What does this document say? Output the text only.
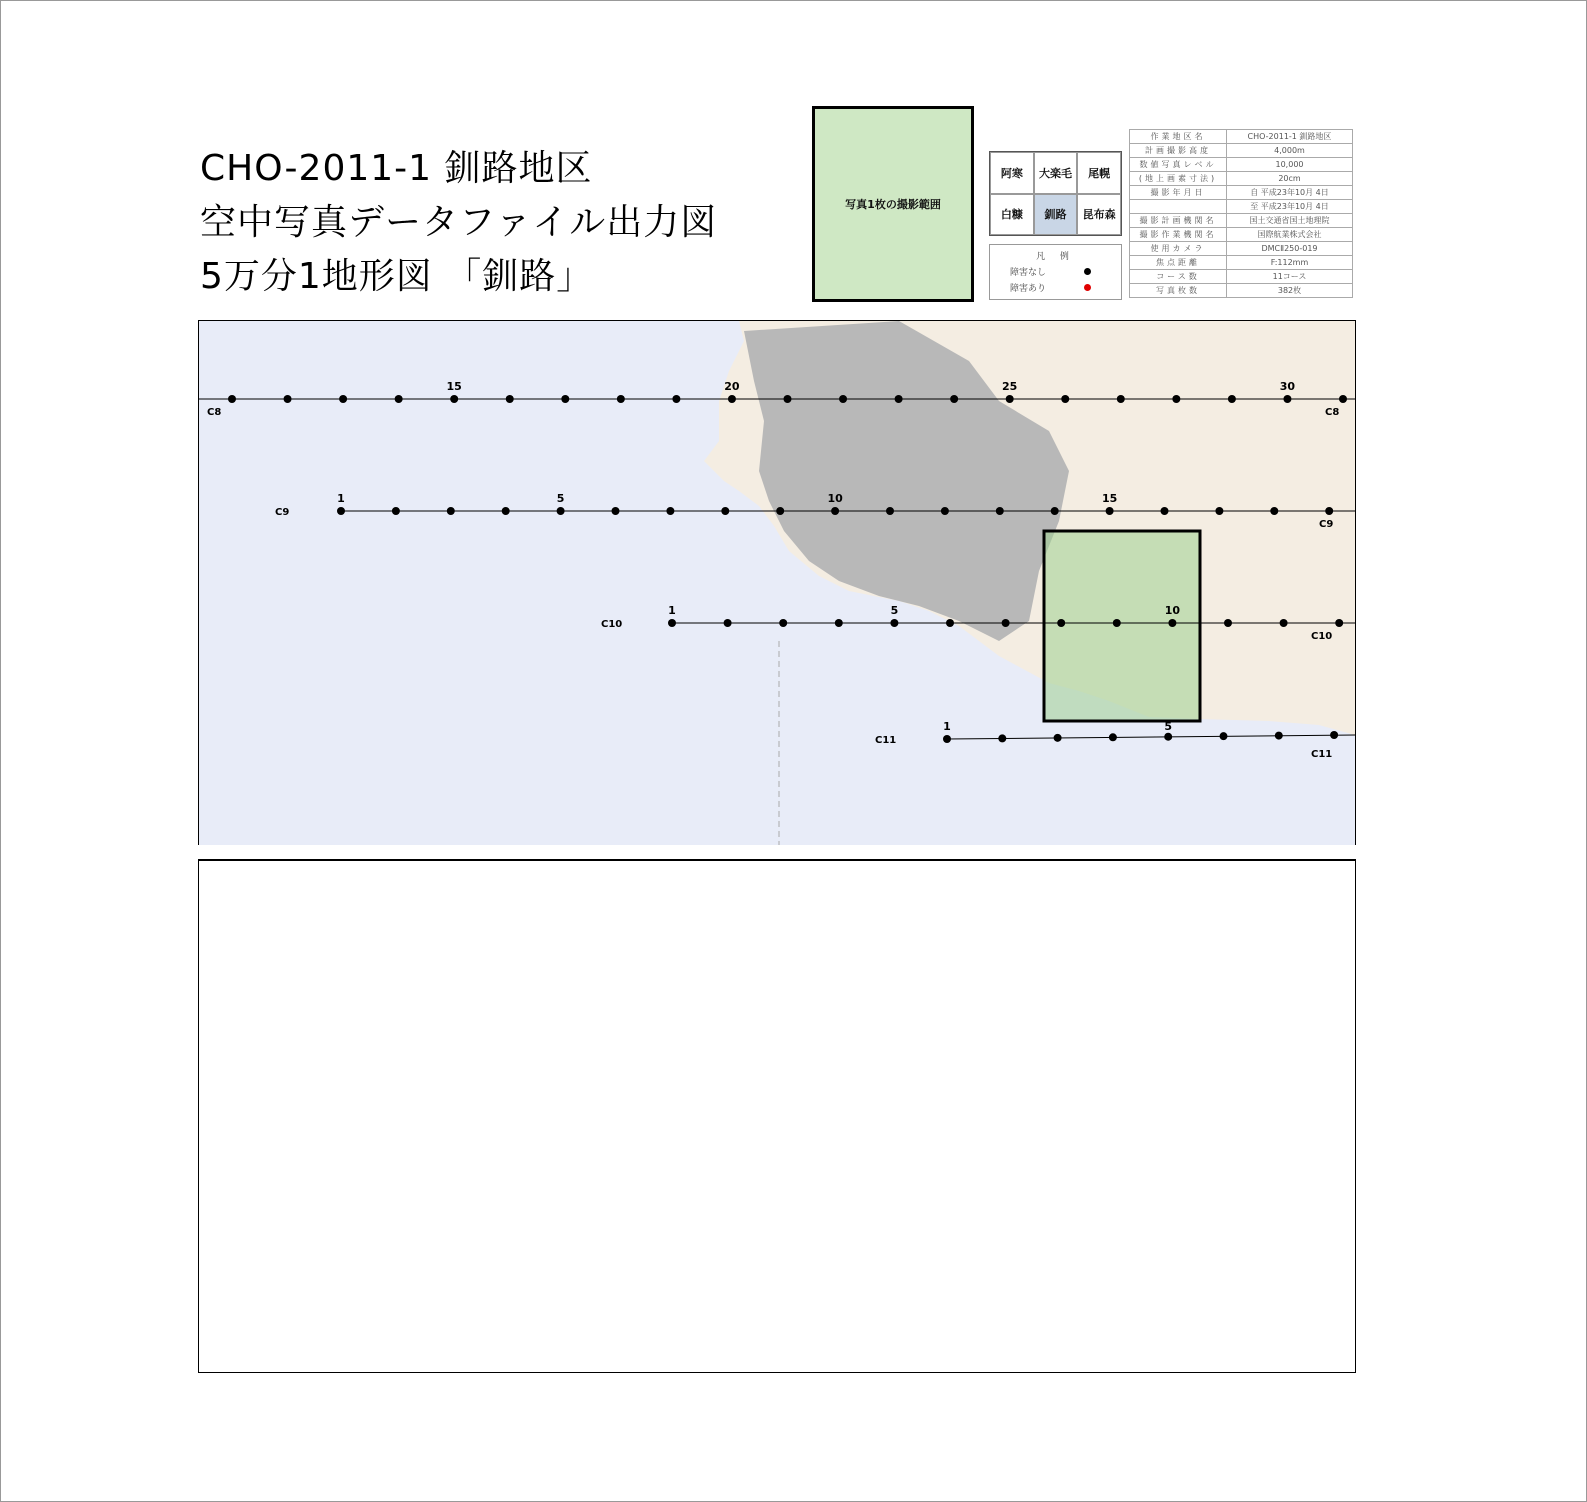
CHO-2011-1 釧路地区
空中写真データファイル出力図
5万分1地形図 「釧路」
写真1枚の撮影範囲
阿寒	大楽毛	尾幌
白糠	釧路	昆布森
凡 例
障害なし
障害あり
作業地区名	CHO-2011-1 釧路地区
計画撮影高度	4,000m
数値写真レベル	10,000
(地上画素寸法)	20cm
撮影年月日	自 平成23年10月 4日
	至 平成23年10月 4日
撮影計画機関名	国土交通省国土地理院
撮影作業機関名	国際航業株式会社
使用カメラ	DMCⅡ250-019
焦点距離	F:112mm
コース数	11コース
写真枚数	382枚
15	20	25	30
C8	C8
1	5	10	15
C9
C9
1	5	10
C10
C10
1	5
C11
C11
